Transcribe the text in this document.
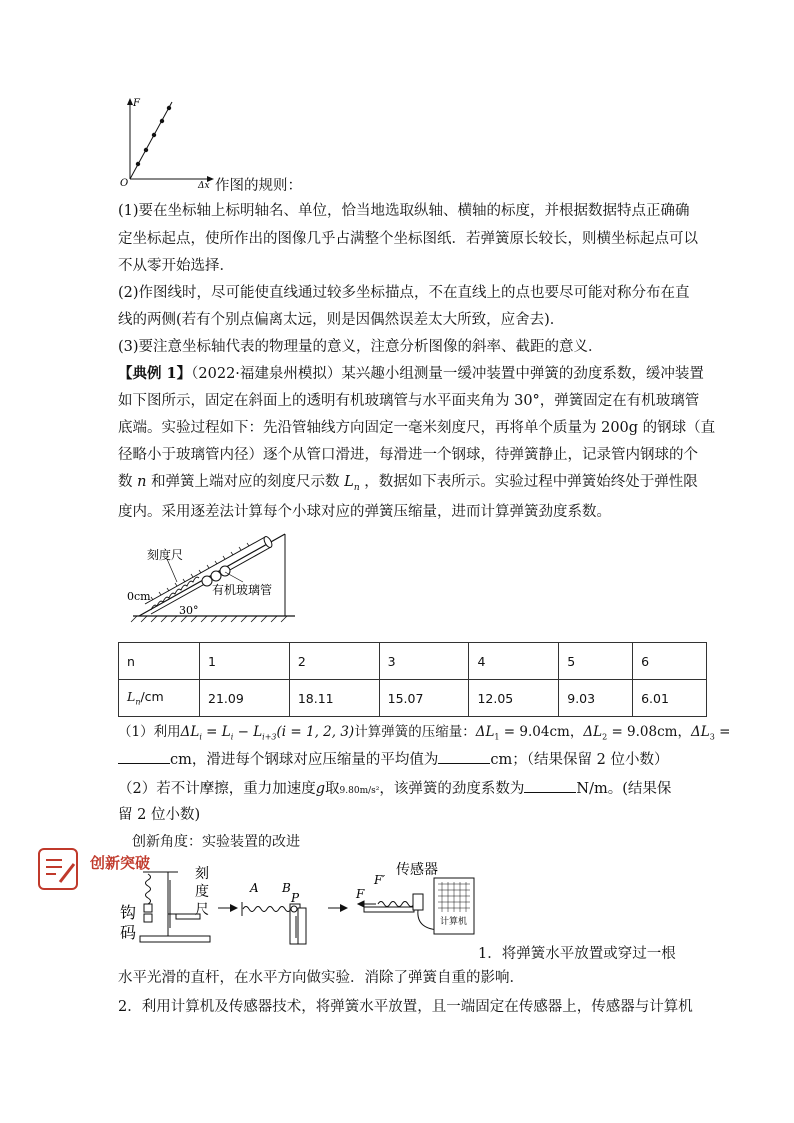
F
O	Δx 作图的规则：
(1)要在坐标轴上标明轴名、单位，恰当地选取纵轴、横轴的标度，并根据数据特点正确确
定坐标起点，使所作出的图像几乎占满整个坐标图纸．若弹簧原长较长，则横坐标起点可以
不从零开始选择．
(2)作图线时，尽可能使直线通过较多坐标描点，不在直线上的点也要尽可能对称分布在直
线的两侧(若有个别点偏离太远，则是因偶然误差太大所致，应舍去)．
(3)要注意坐标轴代表的物理量的意义，注意分析图像的斜率、截距的意义．
【典例 1】（2022·福建泉州模拟）某兴趣小组测量一缓冲装置中弹簧的劲度系数，缓冲装置
如下图所示，固定在斜面上的透明有机玻璃管与水平面夹角为 30°，弹簧固定在有机玻璃管
底端。实验过程如下：先沿管轴线方向固定一毫米刻度尺，再将单个质量为 200g 的钢球（直
径略小于玻璃管内径）逐个从管口滑进，每滑进一个钢球，待弹簧静止，记录管内钢球的个
数 n 和弹簧上端对应的刻度尺示数 $L_n$ ，数据如下表所示。实验过程中弹簧始终处于弹性限
度内。采用逐差法计算每个小球对应的弹簧压缩量，进而计算弹簧劲度系数。
刻度尺
0cm	有机玻璃管
30°
n	1	2	3	4	5	6
$L_n/cm$	21.09	18.11	15.07	12.05	9.03	6.01
（1）利用$\Delta L_i = L_i - L_{i+3}(i = 1$, 2, 3)计算弹簧的压缩量：$\Delta L_1 = 9.04cm$，$\Delta L_2 = 9.08cm$，$\Delta L_3$ =
cm，滑进每个钢球对应压缩量的平均值为	cm；（结果保留 2 位小数）
（2）若不计摩擦，重力加速度g取9.80m/s²，该弹簧的劲度系数为	N/m。(结果保
留 2 位小数)
创新角度：实验装置的改进
创新突破
刻
度
尺
钩
码
A B
P	F
F′
传感器
计算机
1．将弹簧水平放置或穿过一根
水平光滑的直杆，在水平方向做实验．消除了弹簧自重的影响．
2．利用计算机及传感器技术，将弹簧水平放置，且一端固定在传感器上，传感器与计算机
